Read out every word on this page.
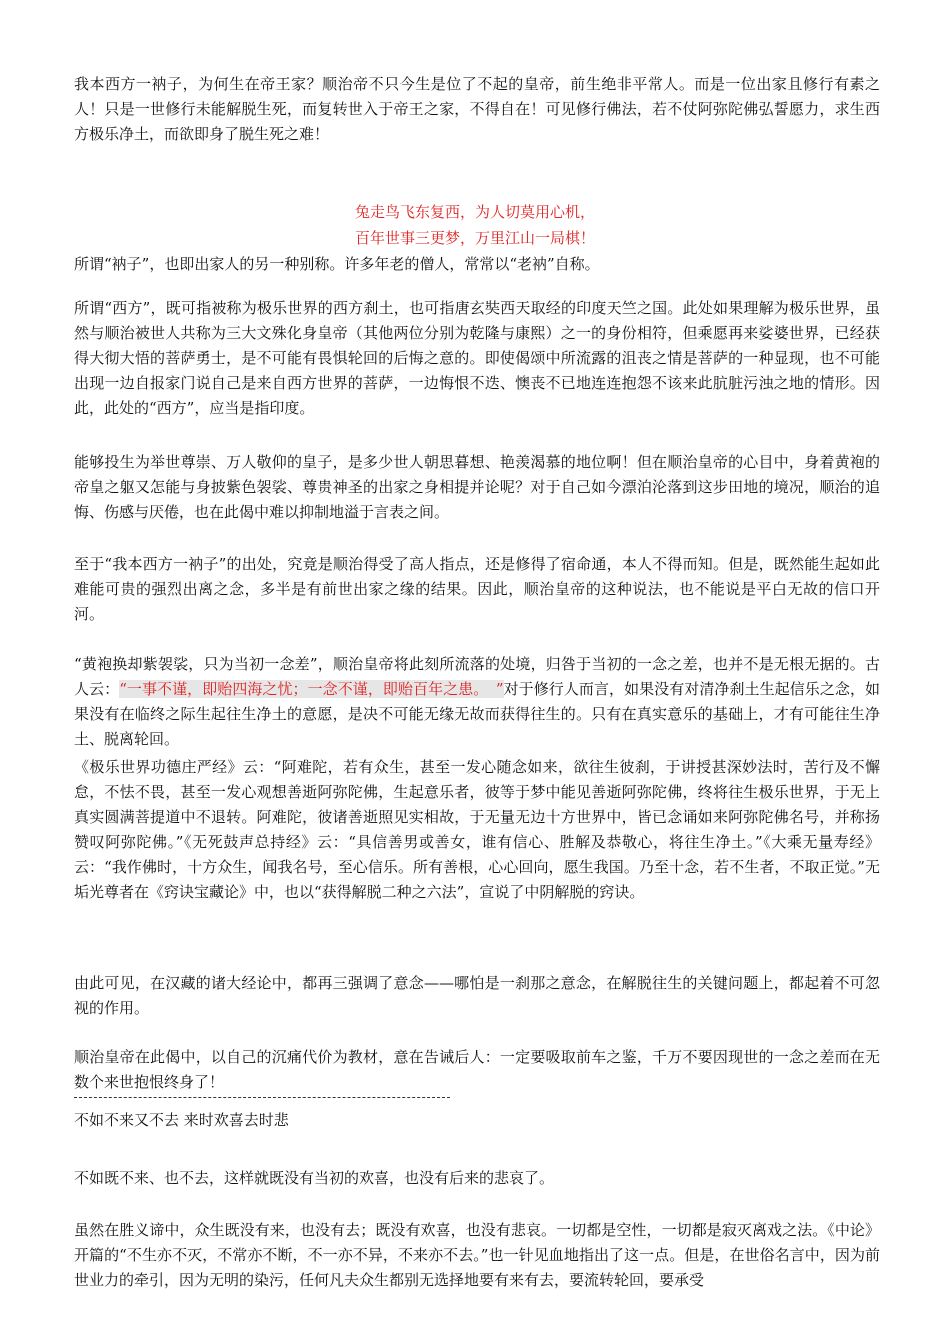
我本西方一衲子，为何生在帝王家？顺治帝不只今生是位了不起的皇帝，前生绝非平常人。而是一位出家且修行有素之人！只是一世修行未能解脱生死，而复转世入于帝王之家，不得自在！可见修行佛法，若不仗阿弥陀佛弘誓愿力，求生西方极乐净土，而欲即身了脱生死之难！

兔走鸟飞东复西，为人切莫用心机，

百年世事三更梦，万里江山一局棋！

所谓“衲子”，也即出家人的另一种别称。许多年老的僧人，常常以“老衲”自称。

所谓“西方”，既可指被称为极乐世界的西方刹土，也可指唐玄奘西天取经的印度天竺之国。此处如果理解为极乐世界，虽然与顺治被世人共称为三大文殊化身皇帝（其他两位分别为乾隆与康熙）之一的身份相符，但乘愿再来娑婆世界，已经获得大彻大悟的菩萨勇士，是不可能有畏惧轮回的后悔之意的。即使偈颂中所流露的沮丧之情是菩萨的一种显现，也不可能出现一边自报家门说自己是来自西方世界的菩萨，一边悔恨不迭、懊丧不已地连连抱怨不该来此肮脏污浊之地的情形。因此，此处的“西方”，应当是指印度。

能够投生为举世尊崇、万人敬仰的皇子，是多少世人朝思暮想、艳羡渴慕的地位啊！但在顺治皇帝的心目中，身着黄袍的帝皇之躯又怎能与身披紫色袈裟、尊贵神圣的出家之身相提并论呢？对于自己如今漂泊沦落到这步田地的境况，顺治的追悔、伤感与厌倦，也在此偈中难以抑制地溢于言表之间。

至于“我本西方一衲子”的出处，究竟是顺治得受了高人指点，还是修得了宿命通，本人不得而知。但是，既然能生起如此难能可贵的强烈出离之念，多半是有前世出家之缘的结果。因此，顺治皇帝的这种说法，也不能说是平白无故的信口开河。

“黄袍换却紫袈裟，只为当初一念差”，顺治皇帝将此刻所流落的处境，归咎于当初的一念之差，也并不是无根无据的。古人云：“一事不谨，即贻四海之忧；一念不谨，即贻百年之患。　”对于修行人而言，如果没有对清净刹土生起信乐之念，如果没有在临终之际生起往生净土的意愿，是决不可能无缘无故而获得往生的。只有在真实意乐的基础上，才有可能往生净土、脱离轮回。

《极乐世界功德庄严经》云：“阿难陀，若有众生，甚至一发心随念如来，欲往生彼刹，于讲授甚深妙法时，苦行及不懈怠，不怯不畏，甚至一发心观想善逝阿弥陀佛，生起意乐者，彼等于梦中能见善逝阿弥陀佛，终将往生极乐世界，于无上真实圆满菩提道中不退转。阿难陀，彼诸善逝照见实相故，于无量无边十方世界中，皆已念诵如来阿弥陀佛名号，并称扬赞叹阿弥陀佛。”《无死鼓声总持经》云：“具信善男或善女，谁有信心、胜解及恭敬心，将往生净土。”《大乘无量寿经》云：“我作佛时，十方众生，闻我名号，至心信乐。所有善根，心心回向，愿生我国。乃至十念，若不生者，不取正觉。”无垢光尊者在《窍诀宝藏论》中，也以“获得解脱二种之六法”，宣说了中阴解脱的窍诀。

由此可见，在汉藏的诸大经论中，都再三强调了意念——哪怕是一刹那之意念，在解脱往生的关键问题上，都起着不可忽视的作用。

顺治皇帝在此偈中，以自己的沉痛代价为教材，意在告诫后人：一定要吸取前车之鉴，千万不要因现世的一念之差而在无数个来世抱恨终身了！

不如不来又不去 来时欢喜去时悲

不如既不来、也不去，这样就既没有当初的欢喜，也没有后来的悲哀了。

虽然在胜义谛中，众生既没有来，也没有去；既没有欢喜，也没有悲哀。一切都是空性，一切都是寂灭离戏之法。《中论》开篇的“不生亦不灭，不常亦不断，不一亦不异，不来亦不去。”也一针见血地指出了这一点。但是，在世俗名言中，因为前世业力的牵引，因为无明的染污，任何凡夫众生都别无选择地要有来有去，要流转轮回，要承受
